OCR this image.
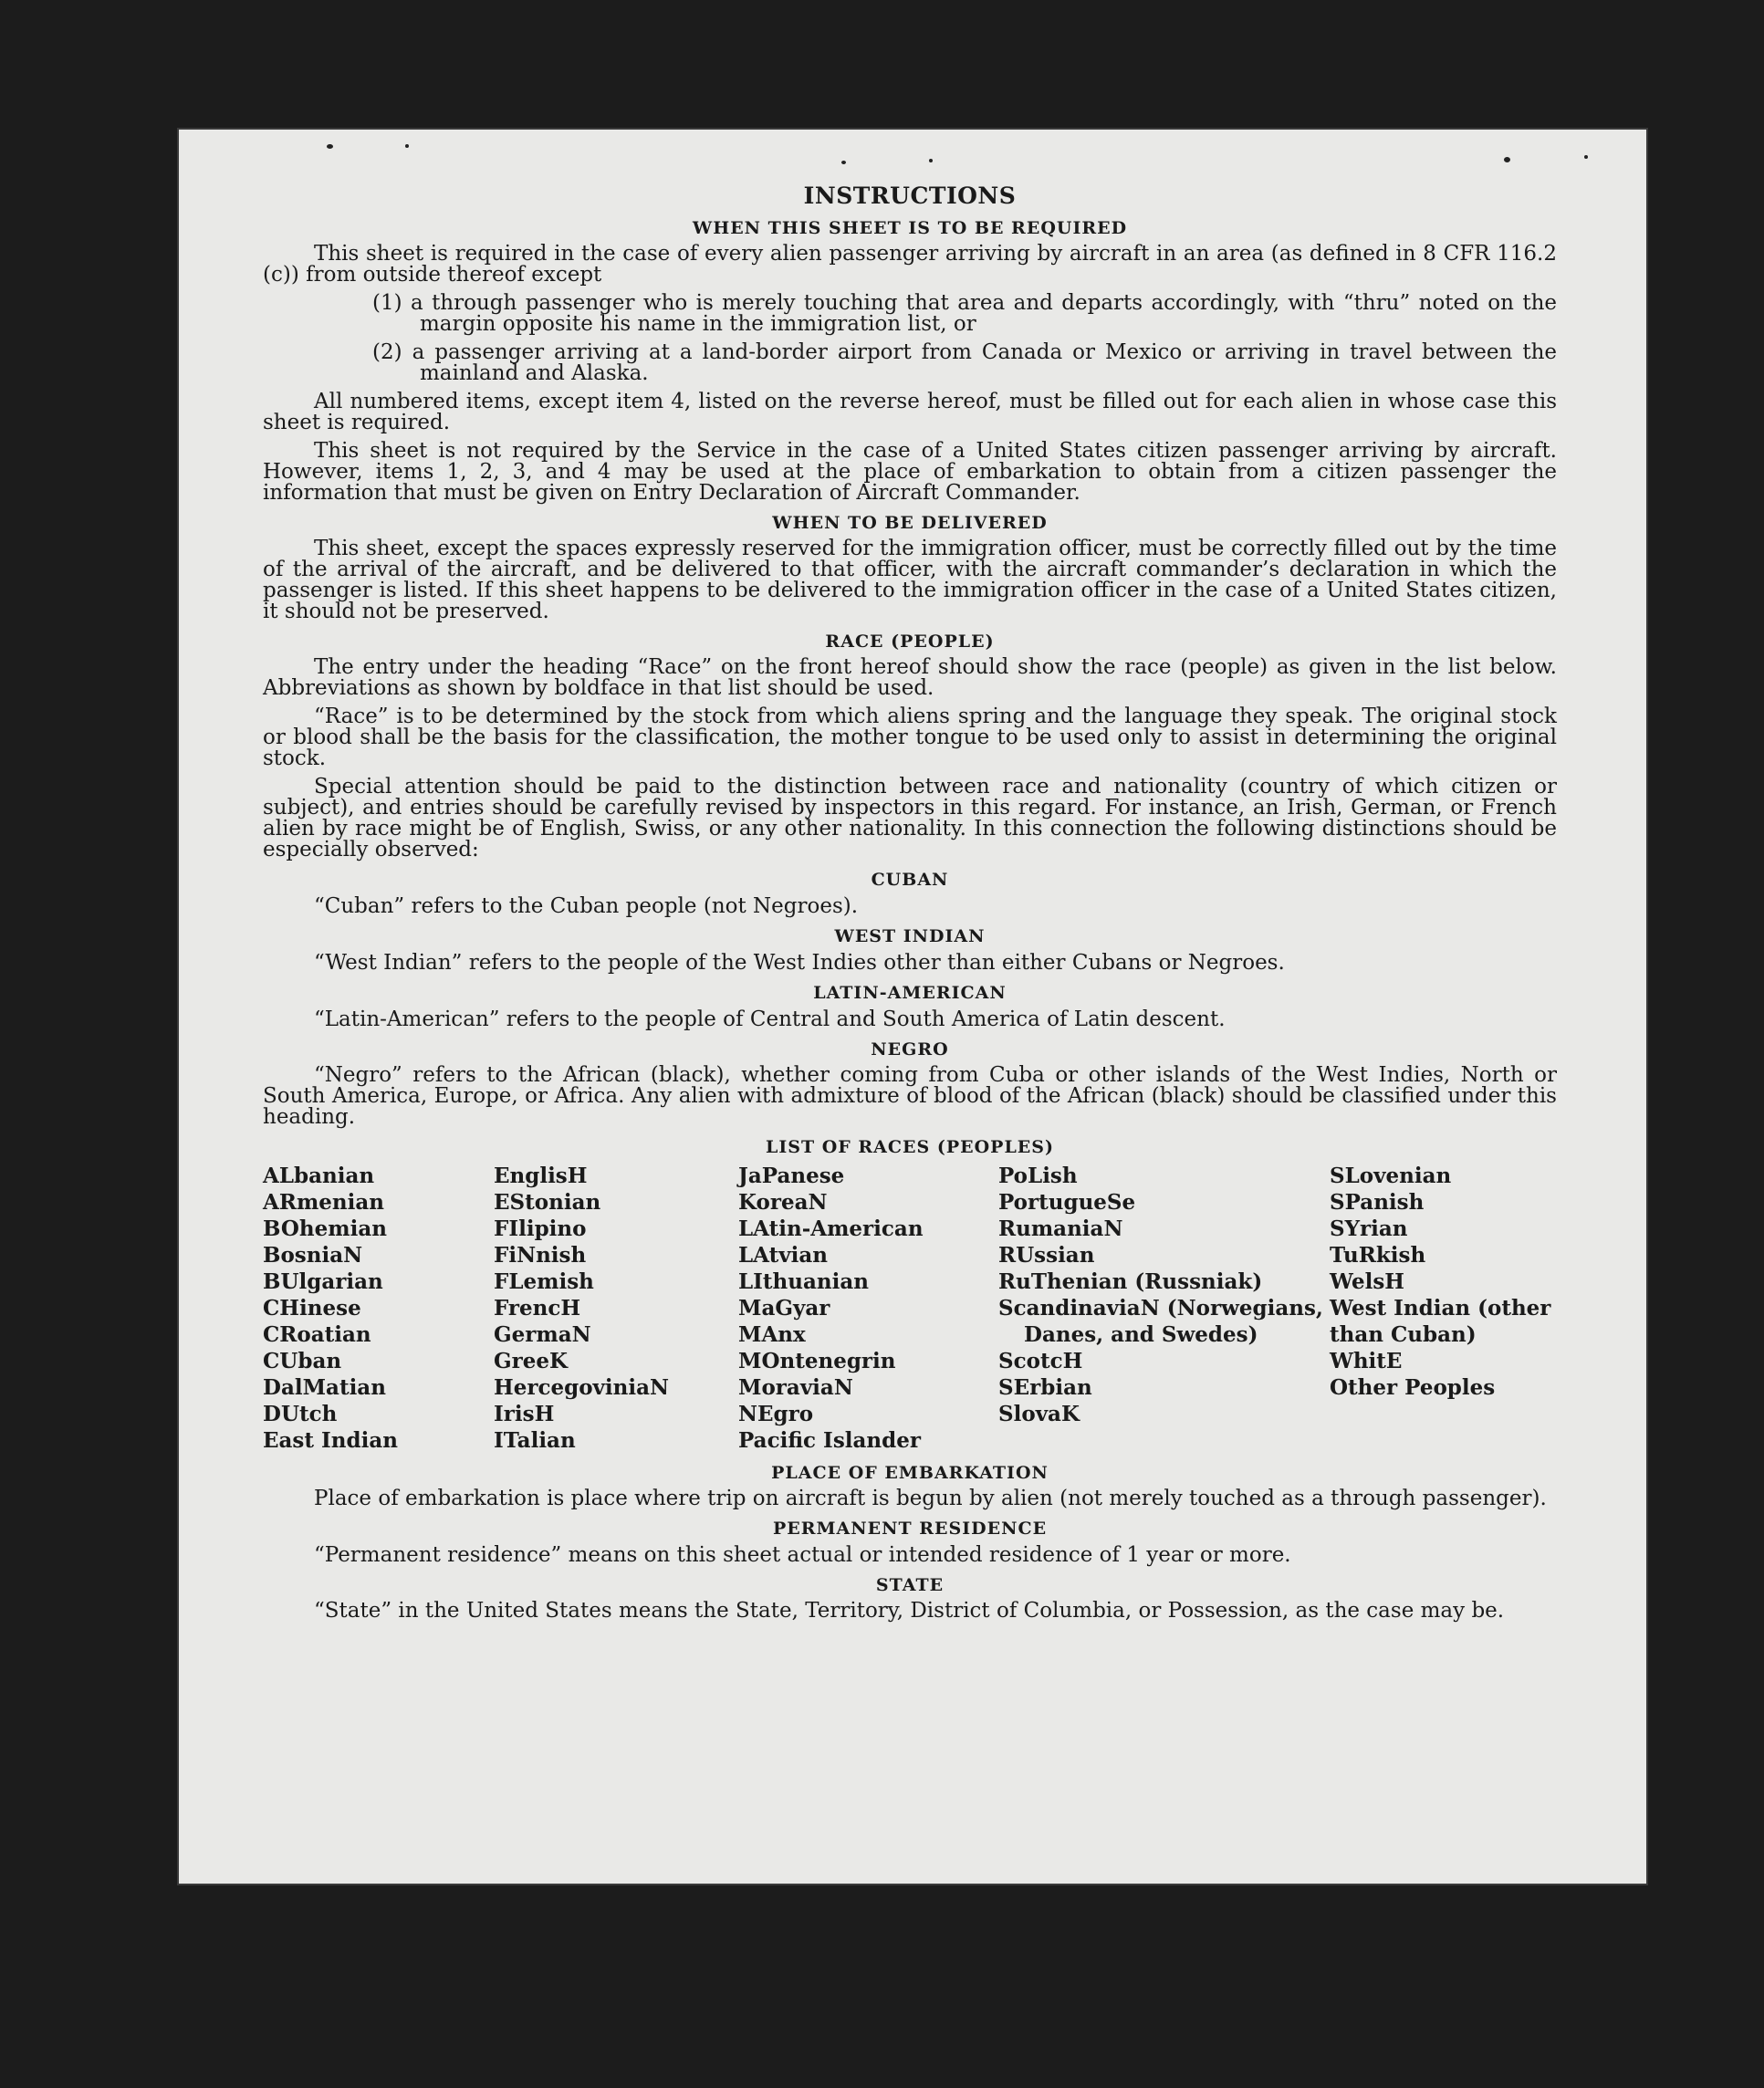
INSTRUCTIONS
WHEN THIS SHEET IS TO BE REQUIRED

This sheet is required in the case of every alien passenger arriving by aircraft in an area (as defined in 8 CFR 116.2 (c)) from outside thereof except

(1) a through passenger who is merely touching that area and departs accordingly, with “thru” noted on the margin opposite his name in the immigration list, or

(2) a passenger arriving at a land-border airport from Canada or Mexico or arriving in travel between the mainland and Alaska.

All numbered items, except item 4, listed on the reverse hereof, must be filled out for each alien in whose case this sheet is required.

This sheet is not required by the Service in the case of a United States citizen passenger arriving by aircraft. However, items 1, 2, 3, and 4 may be used at the place of embarkation to obtain from a citizen passenger the information that must be given on Entry Declaration of Aircraft Commander.

WHEN TO BE DELIVERED

This sheet, except the spaces expressly reserved for the immigration officer, must be correctly filled out by the time of the arrival of the aircraft, and be delivered to that officer, with the aircraft commander’s declaration in which the passenger is listed. If this sheet happens to be delivered to the immigration officer in the case of a United States citizen, it should not be preserved.

RACE (PEOPLE)

The entry under the heading “Race” on the front hereof should show the race (people) as given in the list below. Abbreviations as shown by boldface in that list should be used.

“Race” is to be determined by the stock from which aliens spring and the language they speak. The original stock or blood shall be the basis for the classification, the mother tongue to be used only to assist in determining the original stock.

Special attention should be paid to the distinction between race and nationality (country of which citizen or subject), and entries should be carefully revised by inspectors in this regard. For instance, an Irish, German, or French alien by race might be of English, Swiss, or any other nationality. In this connection the following distinctions should be especially observed:

CUBAN

“Cuban” refers to the Cuban people (not Negroes).

WEST INDIAN

“West Indian” refers to the people of the West Indies other than either Cubans or Negroes.

LATIN-AMERICAN

“Latin-American” refers to the people of Central and South America of Latin descent.

NEGRO

“Negro” refers to the African (black), whether coming from Cuba or other islands of the West Indies, North or South America, Europe, or Africa. Any alien with admixture of blood of the African (black) should be classified under this heading.

LIST OF RACES (PEOPLES)
ALbanian
ARmenian
BOhemian
BosniaN
BUlgarian
CHinese
CRoatian
CUban
DalMatian
DUtch
East Indian
EnglisH
EStonian
FIlipino
FiNnish
FLemish
FrencH
GermaN
GreeK
HercegoviniaN
IrisH
ITalian
JaPanese
KoreaN
LAtin-American
LAtvian
LIthuanian
MaGyar
MAnx
MOntenegrin
MoraviaN
NEgro
Pacific Islander
PoLish
PortugueSe
RumaniaN
RUssian
RuThenian (Russniak)
ScandinaviaN (Norwegians, Danes, and Swedes)
ScotcH
SErbian
SlovaK
SLovenian
SPanish
SYrian
TuRkish
WelsH
West Indian (other than Cuban)
WhitE
Other Peoples
PLACE OF EMBARKATION

Place of embarkation is place where trip on aircraft is begun by alien (not merely touched as a through passenger).

PERMANENT RESIDENCE

“Permanent residence” means on this sheet actual or intended residence of 1 year or more.

STATE

“State” in the United States means the State, Territory, District of Columbia, or Possession, as the case may be.
